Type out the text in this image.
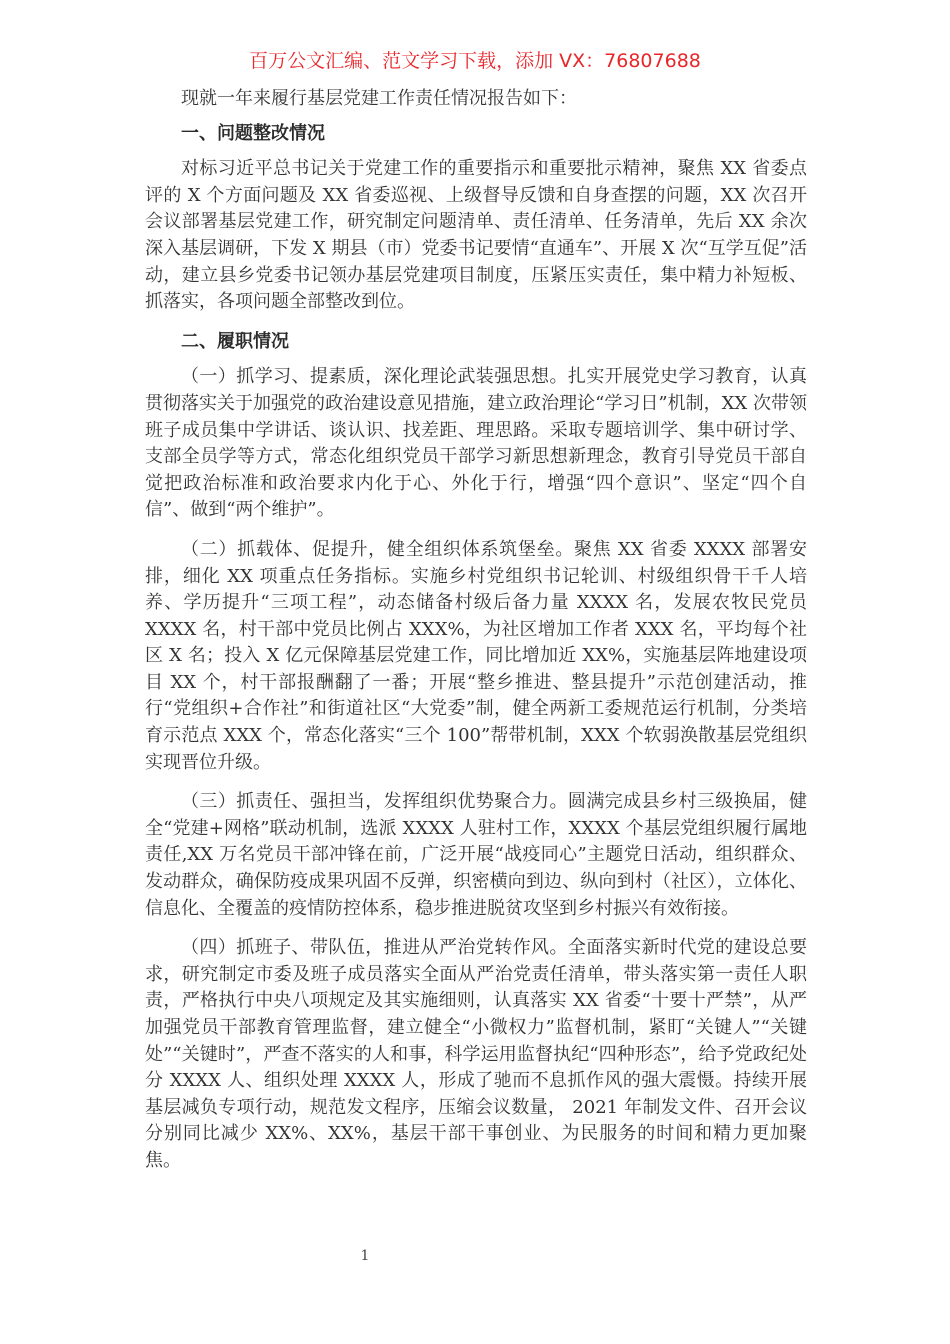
百万公文汇编、范文学习下载，添加 VX：76807688

现就一年来履行基层党建工作责任情况报告如下：

一、问题整改情况

对标习近平总书记关于党建工作的重要指示和重要批示精神，聚焦 XX 省委点评的 X 个方面问题及 XX 省委巡视、上级督导反馈和自身查摆的问题，XX 次召开会议部署基层党建工作，研究制定问题清单、责任清单、任务清单，先后 XX 余次深入基层调研，下发 X 期县（市）党委书记要情“直通车”、开展 X 次“互学互促”活动，建立县乡党委书记领办基层党建项目制度，压紧压实责任，集中精力补短板、抓落实，各项问题全部整改到位。

二、履职情况

（一）抓学习、提素质，深化理论武装强思想。扎实开展党史学习教育，认真贯彻落实关于加强党的政治建设意见措施，建立政治理论“学习日”机制，XX 次带领班子成员集中学讲话、谈认识、找差距、理思路。采取专题培训学、集中研讨学、支部全员学等方式，常态化组织党员干部学习新思想新理念，教育引导党员干部自觉把政治标准和政治要求内化于心、外化于行，增强“四个意识”、坚定“四个自信”、做到“两个维护”。

（二）抓载体、促提升，健全组织体系筑堡垒。聚焦 XX 省委 XXXX 部署安排，细化 XX 项重点任务指标。实施乡村党组织书记轮训、村级组织骨干千人培养、学历提升“三项工程”，动态储备村级后备力量 XXXX 名，发展农牧民党员 XXXX 名，村干部中党员比例占 XXX%，为社区增加工作者 XXX 名，平均每个社区 X 名；投入 X 亿元保障基层党建工作，同比增加近 XX%，实施基层阵地建设项目 XX 个，村干部报酬翻了一番；开展“整乡推进、整县提升”示范创建活动，推行“党组织+合作社”和街道社区“大党委”制，健全两新工委规范运行机制，分类培育示范点 XXX 个，常态化落实“三个 100”帮带机制，XXX 个软弱涣散基层党组织实现晋位升级。

（三）抓责任、强担当，发挥组织优势聚合力。圆满完成县乡村三级换届，健全“党建+网格”联动机制，选派 XXXX 人驻村工作，XXXX 个基层党组织履行属地责任,XX 万名党员干部冲锋在前，广泛开展“战疫同心”主题党日活动，组织群众、发动群众，确保防疫成果巩固不反弹，织密横向到边、纵向到村（社区），立体化、信息化、全覆盖的疫情防控体系，稳步推进脱贫攻坚到乡村振兴有效衔接。

（四）抓班子、带队伍，推进从严治党转作风。全面落实新时代党的建设总要求，研究制定市委及班子成员落实全面从严治党责任清单，带头落实第一责任人职责，严格执行中央八项规定及其实施细则，认真落实 XX 省委“十要十严禁”，从严加强党员干部教育管理监督，建立健全“小微权力”监督机制，紧盯“关键人”“关键处”“关键时”，严查不落实的人和事，科学运用监督执纪“四种形态”，给予党政纪处分 XXXX 人、组织处理 XXXX 人，形成了驰而不息抓作风的强大震慑。持续开展基层减负专项行动，规范发文程序，压缩会议数量， 2021 年制发文件、召开会议分别同比减少 XX%、XX%，基层干部干事创业、为民服务的时间和精力更加聚焦。

1
